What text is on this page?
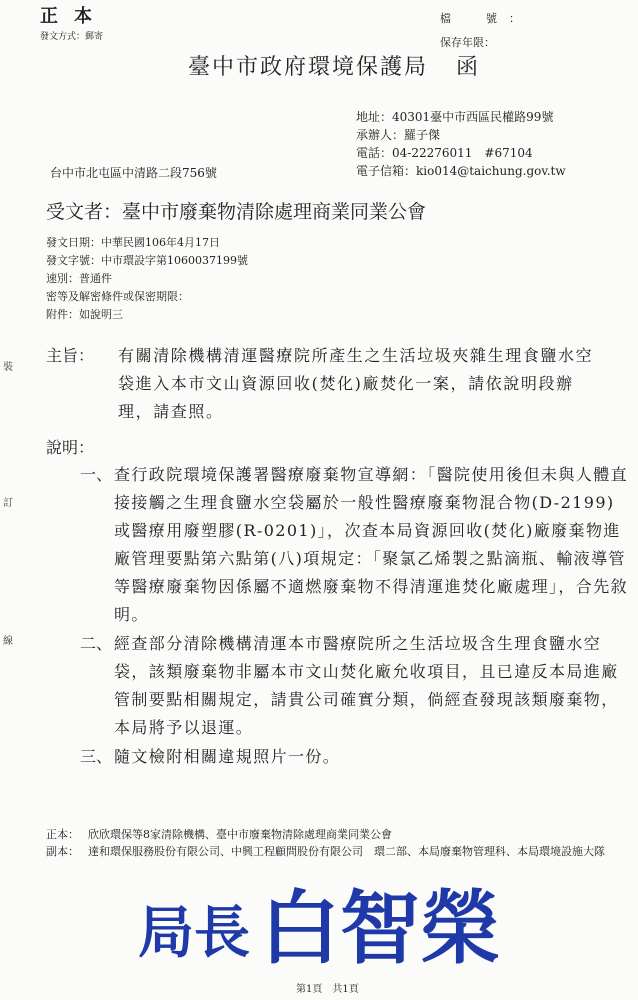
正本
發文方式：郵寄
檔　號：
保存年限：
臺中市政府環境保護局 函
地址：40301臺中市西區民權路99號
承辦人：羅子傑
電話：04-22276011　#67104
電子信箱：kio014@taichung.gov.tw
台中市北屯區中清路二段756號
受文者：臺中市廢棄物清除處理商業同業公會
發文日期：中華民國106年4月17日
發文字號：中市環設字第1060037199號
速別：普通件
密等及解密條件或保密期限：
附件：如說明三
裝
訂
線
主旨：	有關清除機構清運醫療院所產生之生活垃圾夾雜生理食鹽水空袋進入本市文山資源回收(焚化)廠焚化一案，請依說明段辦理，請查照。
說明：
一、 查行政院環境保護署醫療廢棄物宣導網：「醫院使用後但未與人體直接接觸之生理食鹽水空袋屬於一般性醫療廢棄物混合物(D-2199)或醫療用廢塑膠(R-0201)」，次查本局資源回收(焚化)廠廢棄物進廠管理要點第六點第(八)項規定：「聚氯乙烯製之點滴瓶、輸液導管等醫療廢棄物因係屬不適燃廢棄物不得清運進焚化廠處理」，合先敘明。
二、 經查部分清除機構清運本市醫療院所之生活垃圾含生理食鹽水空袋，該類廢棄物非屬本市文山焚化廠允收項目，且已違反本局進廠管制要點相關規定，請貴公司確實分類，倘經查發現該類廢棄物，本局將予以退運。
三、 隨文檢附相關違規照片一份。
正本： 欣欣環保等8家清除機構、臺中市廢棄物清除處理商業同業公會
副本： 達和環保服務股份有限公司、中興工程顧問股份有限公司　環二部、本局廢棄物管理科、本局環境設施大隊
局長 白智榮
第1頁　共1頁
